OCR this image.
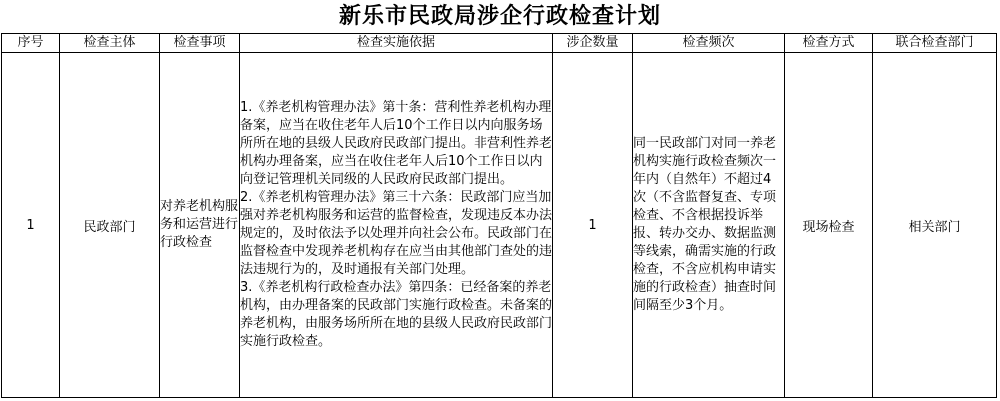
新乐市民政局涉企行政检查计划
序号	检查主体	检查事项	检查实施依据	涉企数量	检查频次	检查方式	联合检查部门
1	民政部门	对养老机构服务和运营进行行政检查	1.《养老机构管理办法》第十条：营利性养老机构办理备案，应当在收住老年人后10个工作日以内向服务场所所在地的县级人民政府民政部门提出。非营利性养老机构办理备案，应当在收住老年人后10个工作日以内向登记管理机关同级的人民政府民政部门提出。

2.《养老机构管理办法》第三十六条：民政部门应当加强对养老机构服务和运营的监督检查，发现违反本办法规定的，及时依法予以处理并向社会公布。民政部门在监督检查中发现养老机构存在应当由其他部门查处的违法违规行为的，及时通报有关部门处理。

3.《养老机构行政检查办法》第四条：已经备案的养老机构，由办理备案的民政部门实施行政检查。未备案的养老机构，由服务场所所在地的县级人民政府民政部门实施行政检查。	1	同一民政部门对同一养老机构实施行政检查频次一年内（自然年）不超过4次（不含监督复查、专项检查、不含根据投诉举报、转办交办、数据监测等线索，确需实施的行政检查，不含应机构申请实施的行政检查）抽查时间间隔至少3个月。	现场检查	相关部门
